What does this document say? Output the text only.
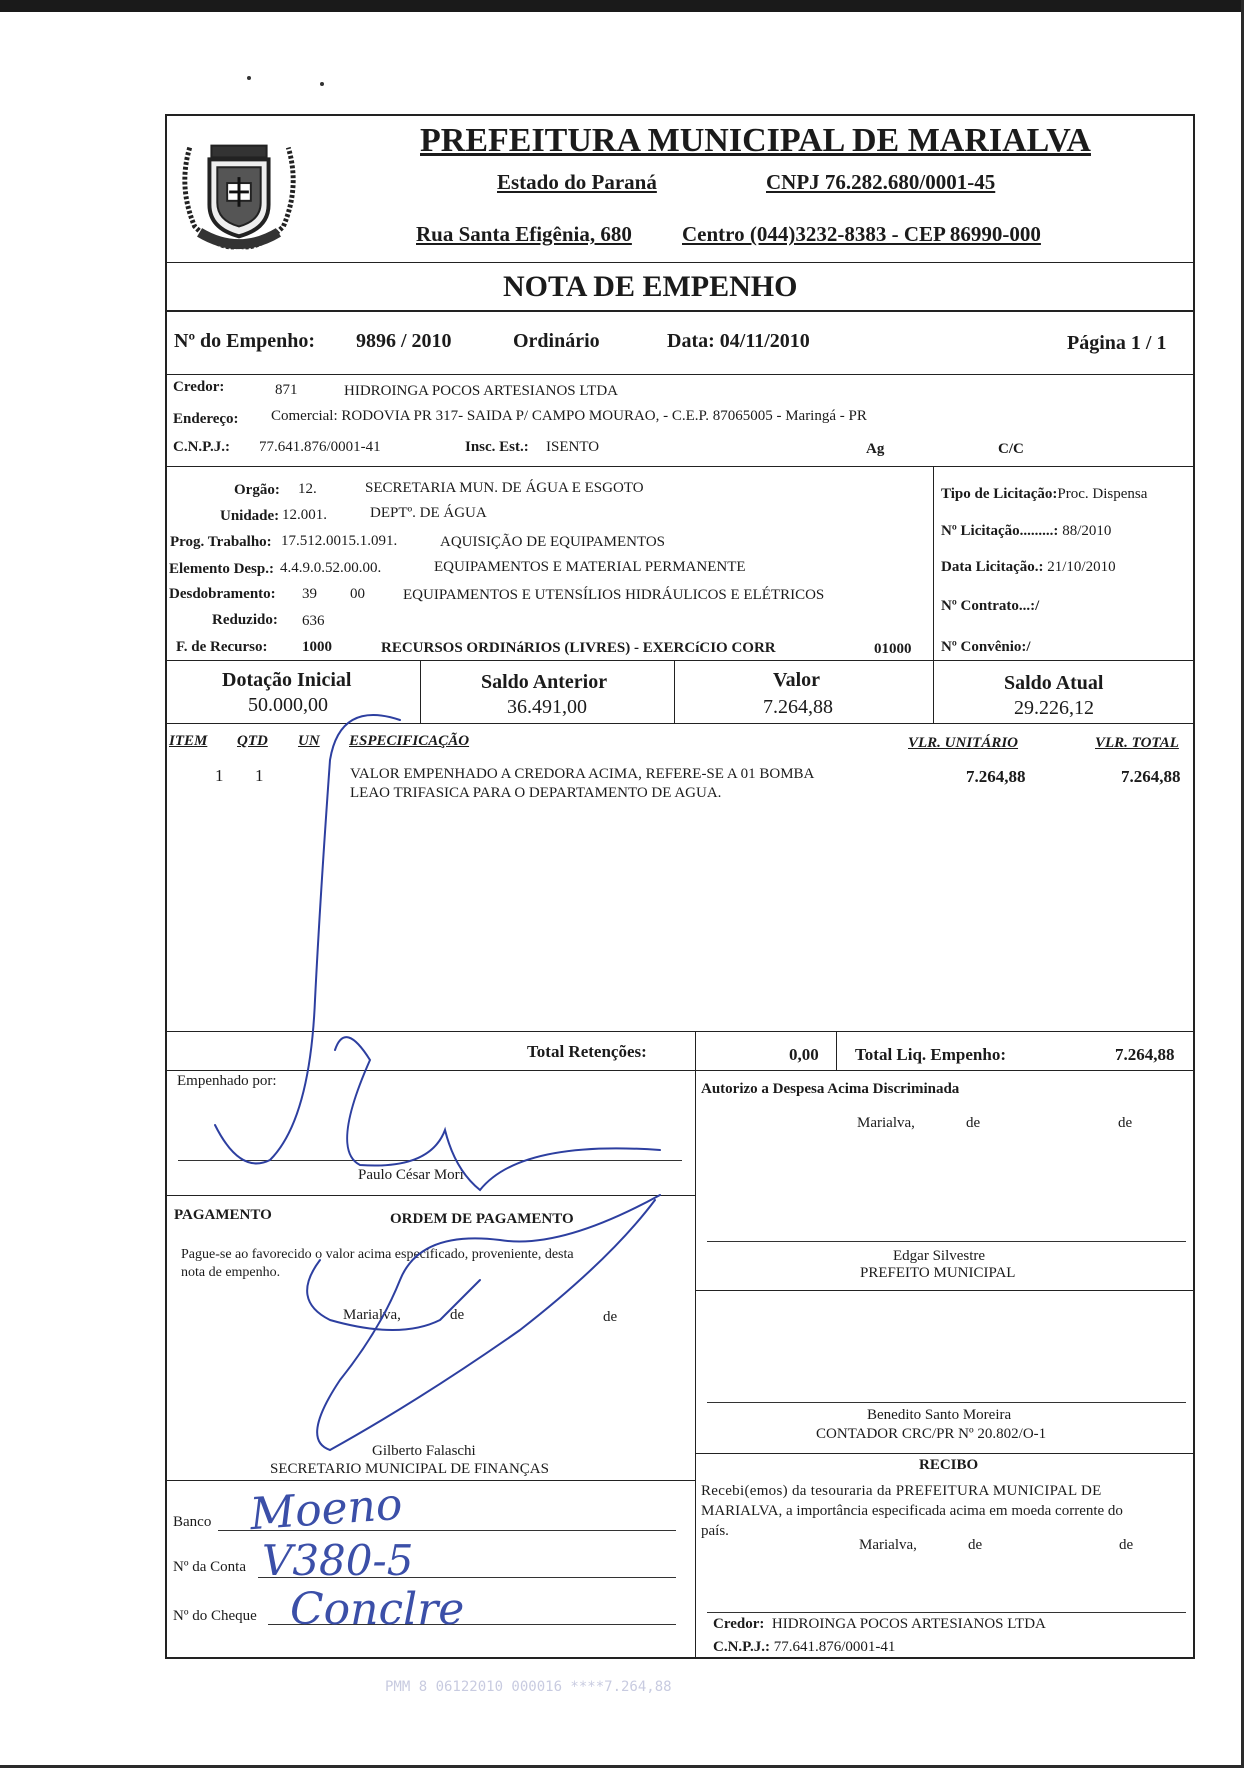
PREFEITURA MUNICIPAL DE MARIALVA
Estado do Paraná	CNPJ 76.282.680/0001-45
Rua Santa Efigênia, 680 Centro (044)3232-8383 - CEP 86990-000
NOTA DE EMPENHO
Nº do Empenho: 9896 / 2010	Ordinário	Data: 04/11/2010	Página 1 / 1
Credor:	871	HIDROINGA POCOS ARTESIANOS LTDA
Endereço: Comercial: RODOVIA PR 317- SAIDA P/ CAMPO MOURAO, - C.E.P. 87065005 - Maringá - PR
C.N.P.J.: 77.641.876/0001-41	Insc. Est.: ISENTO	Ag	C/C
Orgão: 12.	SECRETARIA MUN. DE ÁGUA E ESGOTO
Unidade: 12.001.	DEPTº. DE ÁGUA
Prog. Trabalho: 17.512.0015.1.091.	AQUISIÇÃO DE EQUIPAMENTOS
Elemento Desp.: 4.4.9.0.52.00.00.	EQUIPAMENTOS E MATERIAL PERMANENTE
Desdobramento: 39 00	EQUIPAMENTOS E UTENSÍLIOS HIDRÁULICOS E ELÉTRICOS
Reduzido: 636
F. de Recurso: 1000	RECURSOS ORDINáRIOS (LIVRES) - EXERCíCIO CORR	01000
Tipo de Licitação:Proc. Dispensa
Nº Licitação.........: 88/2010
Data Licitação.: 21/10/2010
Nº Contrato...:/
Nº Convênio:/
Dotação Inicial
50.000,00
Saldo Anterior
36.491,00
Valor
7.264,88
Saldo Atual
29.226,12
ITEM QTD UN ESPECIFICAÇÃO	VLR. UNITÁRIO	VLR. TOTAL
1 1	VALOR EMPENHADO A CREDORA ACIMA, REFERE-SE A 01 BOMBA
LEAO TRIFASICA PARA O DEPARTAMENTO DE AGUA.
7.264,88	7.264,88
Total Retenções:	0,00 Total Liq. Empenho:	7.264,88
Empenhado por:
Paulo César Mori
Autorizo a Despesa Acima Discriminada
Marialva,	de	de
Edgar Silvestre
PREFEITO MUNICIPAL
Benedito Santo Moreira
CONTADOR CRC/PR Nº 20.802/O-1
PAGAMENTO	ORDEM DE PAGAMENTO
Pague-se ao favorecido o valor acima especificado, proveniente, desta
nota de empenho.
Marialva,	de	de
Gilberto Falaschi
SECRETARIO MUNICIPAL DE FINANÇAS
Banco
Nº da Conta
Nº do Cheque
RECIBO
Recebi(emos) da tesouraria da PREFEITURA MUNICIPAL DE
MARIALVA, a importância especificada acima em moeda corrente do
país.
Marialva,	de	de
Credor: HIDROINGA POCOS ARTESIANOS LTDA
C.N.P.J.: 77.641.876/0001-41
PMM 8 06122010 000016 ****7.264,88
Moeno
V380-5
Conclre
